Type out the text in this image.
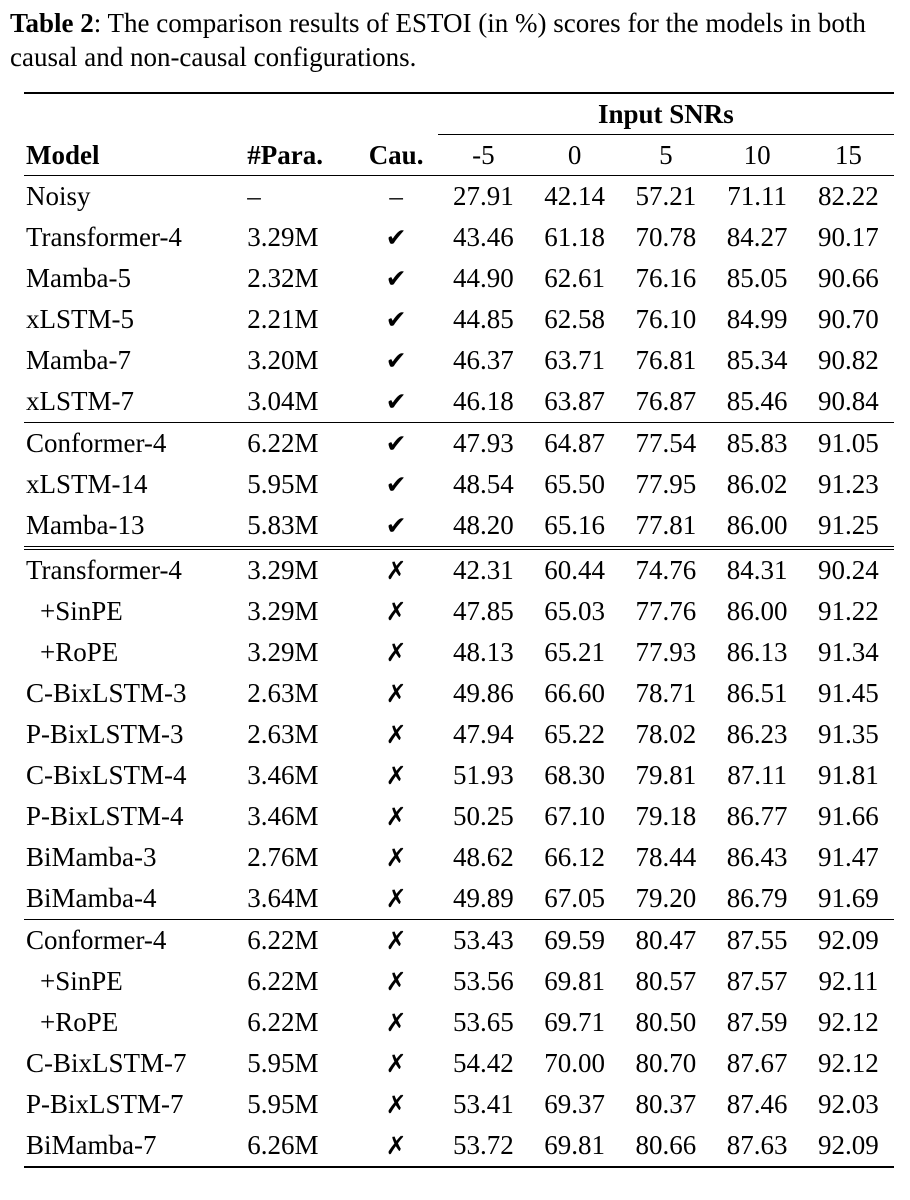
Table 2: The comparison results of ESTOI (in %) scores for the models in both causal and non-causal configurations.

			Input SNRs				
Model	#Para.	Cau.	-5	0	5	10	15
Noisy	–	–	27.91	42.14	57.21	71.11	82.22
Transformer-4	3.29M	✔	43.46	61.18	70.78	84.27	90.17
Mamba-5	2.32M	✔	44.90	62.61	76.16	85.05	90.66
xLSTM-5	2.21M	✔	44.85	62.58	76.10	84.99	90.70
Mamba-7	3.20M	✔	46.37	63.71	76.81	85.34	90.82
xLSTM-7	3.04M	✔	46.18	63.87	76.87	85.46	90.84
Conformer-4	6.22M	✔	47.93	64.87	77.54	85.83	91.05
xLSTM-14	5.95M	✔	48.54	65.50	77.95	86.02	91.23
Mamba-13	5.83M	✔	48.20	65.16	77.81	86.00	91.25
Transformer-4	3.29M	✗	42.31	60.44	74.76	84.31	90.24
+SinPE	3.29M	✗	47.85	65.03	77.76	86.00	91.22
+RoPE	3.29M	✗	48.13	65.21	77.93	86.13	91.34
C-BixLSTM-3	2.63M	✗	49.86	66.60	78.71	86.51	91.45
P-BixLSTM-3	2.63M	✗	47.94	65.22	78.02	86.23	91.35
C-BixLSTM-4	3.46M	✗	51.93	68.30	79.81	87.11	91.81
P-BixLSTM-4	3.46M	✗	50.25	67.10	79.18	86.77	91.66
BiMamba-3	2.76M	✗	48.62	66.12	78.44	86.43	91.47
BiMamba-4	3.64M	✗	49.89	67.05	79.20	86.79	91.69
Conformer-4	6.22M	✗	53.43	69.59	80.47	87.55	92.09
+SinPE	6.22M	✗	53.56	69.81	80.57	87.57	92.11
+RoPE	6.22M	✗	53.65	69.71	80.50	87.59	92.12
C-BixLSTM-7	5.95M	✗	54.42	70.00	80.70	87.67	92.12
P-BixLSTM-7	5.95M	✗	53.41	69.37	80.37	87.46	92.03
BiMamba-7	6.26M	✗	53.72	69.81	80.66	87.63	92.09
